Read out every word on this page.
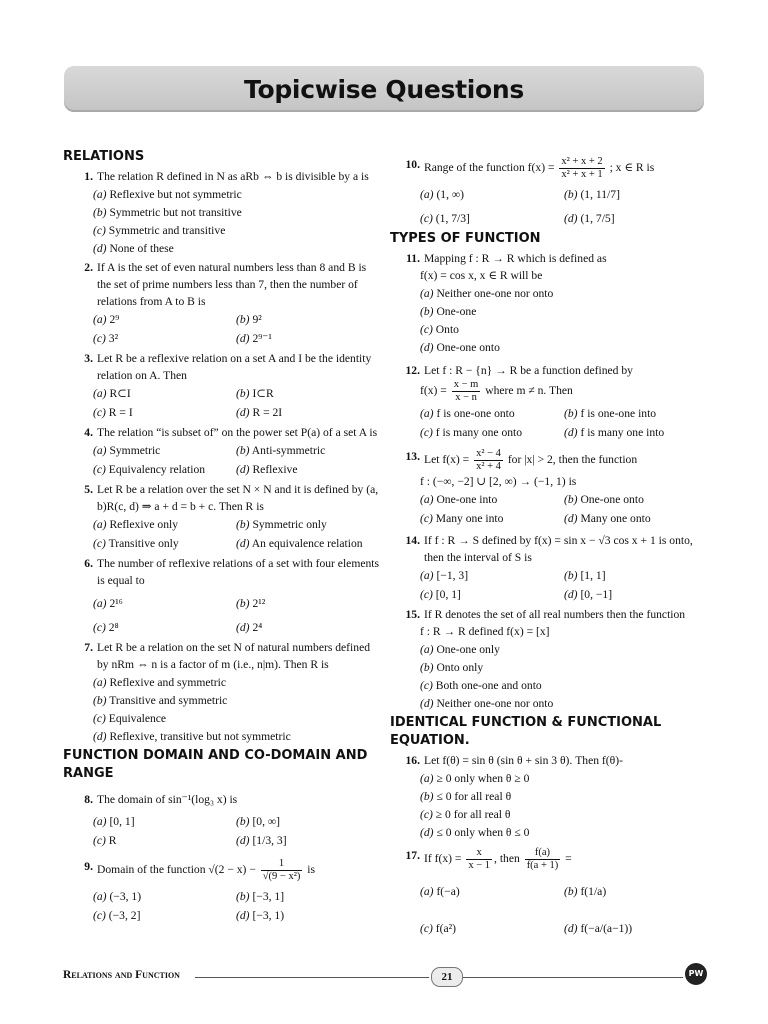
Topicwise Questions
RELATIONS
1. The relation R defined in N as aRb ⇔ b is divisible by a is
(a) Reflexive but not symmetric
(b) Symmetric but not transitive
(c) Symmetric and transitive
(d) None of these
2. If A is the set of even natural numbers less than 8 and B is the set of prime numbers less than 7, then the number of relations from A to B is
(a) 2⁹	(b) 9²
(c) 3²	(d) 2⁹⁻¹
3. Let R be a reflexive relation on a set A and I be the identity relation on A. Then
(a) R⊂I	(b) I⊂R
(c) R = I	(d) R = 2I
4. The relation “is subset of” on the power set P(a) of a set A is
(a) Symmetric	(b) Anti-symmetric
(c) Equivalency relation	(d) Reflexive
5. Let R be a relation over the set N × N and it is defined by (a, b)R(c, d) ⇒ a + d = b + c. Then R is
(a) Reflexive only	(b) Symmetric only
(c) Transitive only	(d) An equivalence relation
6. The number of reflexive relations of a set with four elements is equal to
(a) 2¹⁶	(b) 2¹²
(c) 2⁸	(d) 2⁴
7. Let R be a relation on the set N of natural numbers defined by nRm ⇔ n is a factor of m (i.e., n|m). Then R is
(a) Reflexive and symmetric
(b) Transitive and symmetric
(c) Equivalence
(d) Reflexive, transitive but not symmetric
FUNCTION DOMAIN AND CO-DOMAIN AND RANGE
8. The domain of sin⁻¹(log₃ x) is
(a) [0, 1]	(b) [0, ∞]
(c) R	(d) [1/3, 3]
9. Domain of the function $√(2 - x) - \frac{1}{\text{√(9 − x²)}}$ is
(a) (−3, 1)	(b) [−3, 1]
(c) (−3, 2]	(d) [−3, 1)
10. Range of the function $f(x) = \frac{\text{x² + x + 2}}{\text{x² + x + 1}}$ ; x ∈ R is
(a) (1, ∞)	(b) (1, 11/7]
(c) (1, 7/3]	(d) (1, 7/5]
TYPES OF FUNCTION
11. Mapping f : R → R which is defined as
f(x) = cos x, x ∈ R will be
(a) Neither one-one nor onto
(b) One-one
(c) Onto
(d) One-one onto
12. Let f : R − {n} → R be a function defined by
$f(x) = \frac{x - m}{x - n}$ where m ≠ n. Then
(a) f is one-one onto	(b) f is one-one into
(c) f is many one onto	(d) f is many one into
13. Let $f(x) = \frac{\text{x² − 4}}{\text{x² + 4}}$ for |x| > 2, then the function
f : (−∞, −2] ∪ [2, ∞) → (−1, 1) is
(a) One-one into	(b) One-one onto
(c) Many one into	(d) Many one onto
14. If f : R → S defined by f(x) = sin x − √3 cos x + 1 is onto, then the interval of S is
(a) [−1, 3]	(b) [1, 1]
(c) [0, 1]	(d) [0, −1]
15. If R denotes the set of all real numbers then the function
f : R → R defined f(x) = [x]
(a) One-one only
(b) Onto only
(c) Both one-one and onto
(d) Neither one-one nor onto
IDENTICAL FUNCTION & FUNCTIONAL EQUATION.
16. Let f(θ) = sin θ (sin θ + sin 3 θ). Then f(θ)-
(a) ≥ 0 only when θ ≥ 0
(b) ≤ 0 for all real θ
(c) ≥ 0 for all real θ
(d) ≤ 0 only when θ ≤ 0
17. If $f(x) = \frac{x}{x - 1}$ , then $\frac{f(a)}{f(a + 1)}$ =
(a) f(−a)	(b) f(1/a)
(c) f(a²)	(d) f(−a/(a−1))
Relations and Function	21	PW
